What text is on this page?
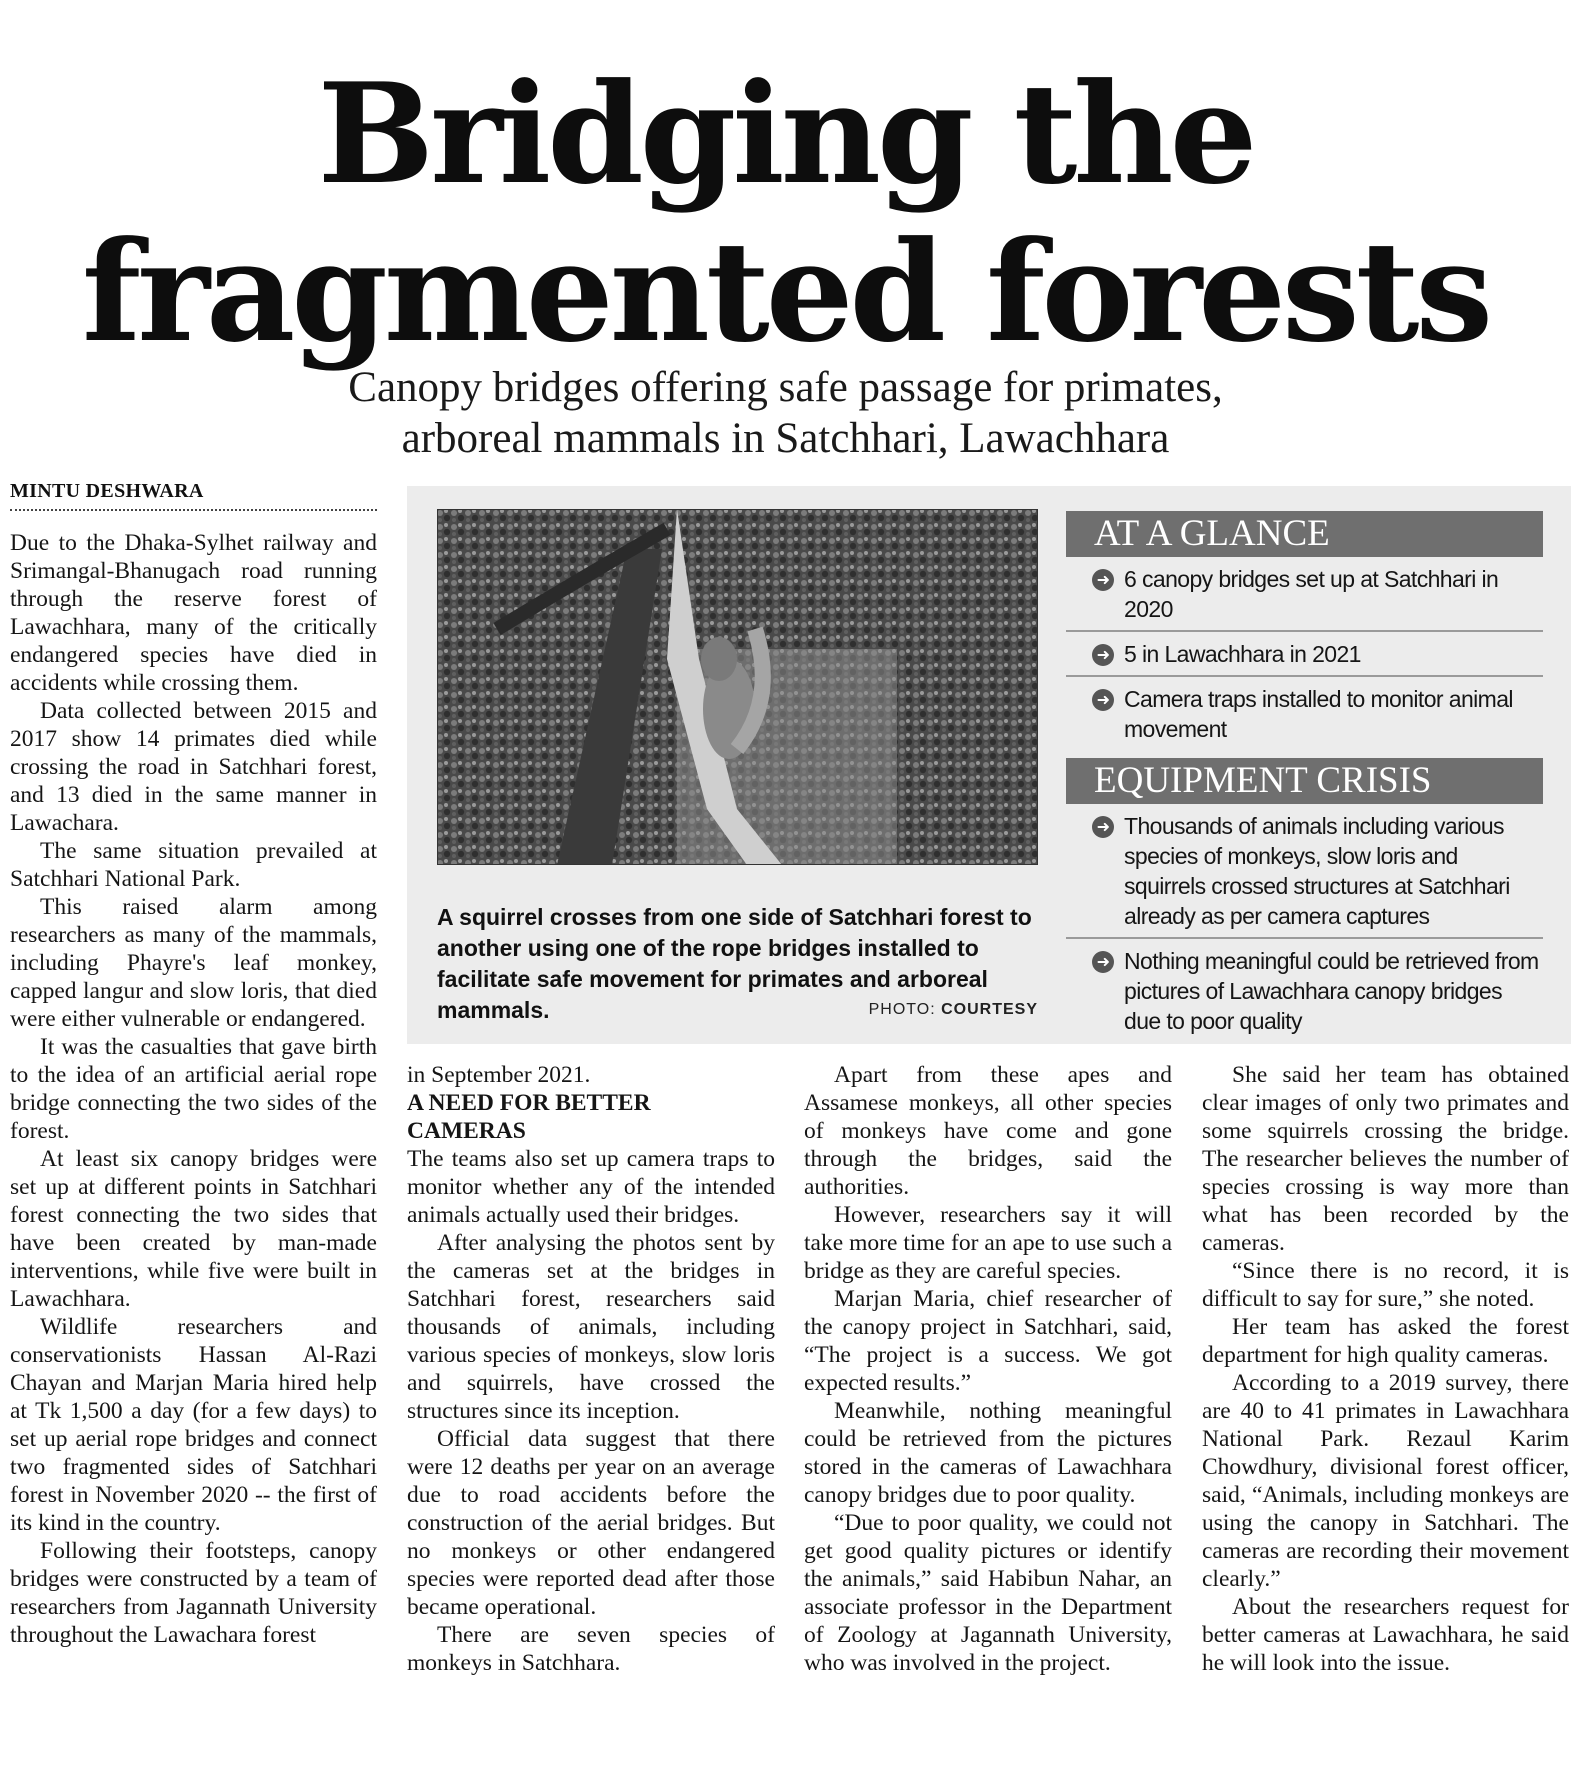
Bridging the
fragmented forests
Canopy bridges offering safe passage for primates,
arboreal mammals in Satchhari, Lawachhara
MINTU DESHWARA

Due to the Dhaka-Sylhet railway and Srimangal-Bhanugach road running through the reserve forest of Lawachhara, many of the critically endangered species have died in accidents while crossing them.

Data collected between 2015 and 2017 show 14 primates died while crossing the road in Satchhari forest, and 13 died in the same manner in Lawachara.

The same situation prevailed at Satchhari National Park.

This raised alarm among researchers as many of the mammals, including Phayre's leaf monkey, capped langur and slow loris, that died were either vulnerable or endangered.

It was the casualties that gave birth to the idea of an artificial aerial rope bridge connecting the two sides of the forest.

At least six canopy bridges were set up at different points in Satchhari forest connecting the two sides that have been created by man-made interventions, while five were built in Lawachhara.

Wildlife researchers and conservationists Hassan Al-Razi Chayan and Marjan Maria hired help at Tk 1,500 a day (for a few days) to set up aerial rope bridges and connect two fragmented sides of Satchhari forest in November 2020 -- the first of its kind in the country.

Following their footsteps, canopy bridges were constructed by a team of researchers from Jagannath University throughout the Lawachara forest

A squirrel crosses from one side of Satchhari forest to another using one of the rope bridges installed to facilitate safe movement for primates and arboreal mammals.	PHOTO: COURTESY
AT A GLANCE
➜ 6 canopy bridges set up at Satchhari in 2020
➜ 5 in Lawachhara in 2021
➜ Camera traps installed to monitor animal movement
EQUIPMENT CRISIS
➜ Thousands of animals including various species of monkeys, slow loris and squirrels crossed structures at Satchhari already as per camera captures
➜ Nothing meaningful could be retrieved from pictures of Lawachhara canopy bridges due to poor quality

in September 2021.

A NEED FOR BETTER CAMERAS

The teams also set up camera traps to monitor whether any of the intended animals actually used their bridges.

After analysing the photos sent by the cameras set at the bridges in Satchhari forest, researchers said thousands of animals, including various species of monkeys, slow loris and squirrels, have crossed the structures since its inception.

Official data suggest that there were 12 deaths per year on an average due to road accidents before the construction of the aerial bridges. But no monkeys or other endangered species were reported dead after those became operational.

There are seven species of monkeys in Satchhara.

Apart from these apes and Assamese monkeys, all other species of monkeys have come and gone through the bridges, said the authorities.

However, researchers say it will take more time for an ape to use such a bridge as they are careful species.

Marjan Maria, chief researcher of the canopy project in Satchhari, said, “The project is a success. We got expected results.”

Meanwhile, nothing meaningful could be retrieved from the pictures stored in the cameras of Lawachhara canopy bridges due to poor quality.

“Due to poor quality, we could not get good quality pictures or identify the animals,” said Habibun Nahar, an associate professor in the Department of Zoology at Jagannath University, who was involved in the project.

She said her team has obtained clear images of only two primates and some squirrels crossing the bridge. The researcher believes the number of species crossing is way more than what has been recorded by the cameras.

“Since there is no record, it is difficult to say for sure,” she noted.

Her team has asked the forest department for high quality cameras.

According to a 2019 survey, there are 40 to 41 primates in Lawachhara National Park. Rezaul Karim Chowdhury, divisional forest officer, said, “Animals, including monkeys are using the canopy in Satchhari. The cameras are recording their movement clearly.”

About the researchers request for better cameras at Lawachhara, he said he will look into the issue.
